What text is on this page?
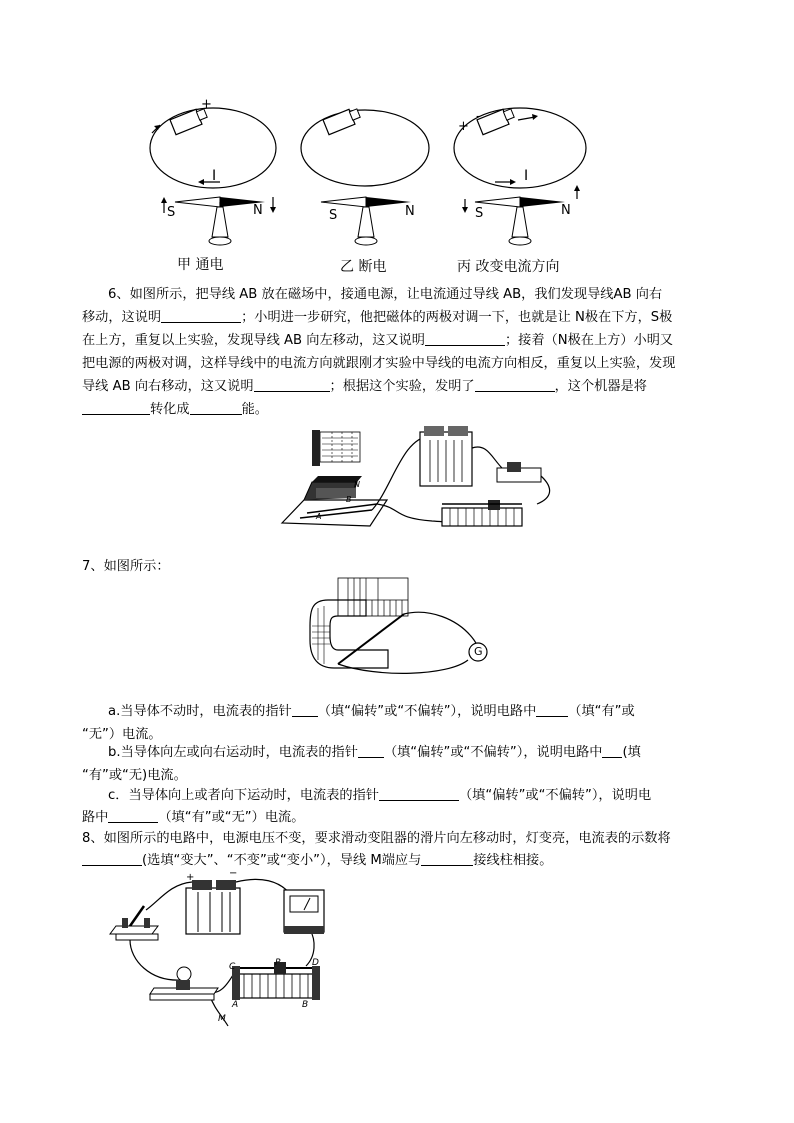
+
+
-
I	I
S	N	S	N	S	N
甲 通电	乙 断电	丙 改变电流方向
6、如图所示，把导线 AB 放在磁场中，接通电源，让电流通过导线 AB，我们发现导线AB 向右
移动，这说明	；小明进一步研究，他把磁体的两极对调一下，也就是让 N极在下方，S极
在上方，重复以上实验，发现导线 AB 向左移动，这又说明	；接着（N极在上方）小明又
把电源的两极对调，这样导线中的电流方向就跟刚才实验中导线的电流方向相反，重复以上实验，发现
导线 AB 向右移动，这又说明	；根据这个实验，发明了	，这个机器是将
转化成	能。
N
B
A
7、如图所示：
G
a.当导体不动时，电流表的指针 （填“偏转”或“不偏转”），说明电路中 （填“有”或
“无”）电流。
b.当导体向左或向右运动时，电流表的指针 （填“偏转”或“不偏转”），说明电路中 (填
“有”或“无)电流。
c．当导体向上或者向下运动时，电流表的指针	（填“偏转”或“不偏转”），说明电
路中	（填“有”或“无”）电流。
8、如图所示的电路中，电源电压不变，要求滑动变阻器的滑片向左移动时，灯变亮，电流表的示数将
(选填“变大”、“不变”或“变小”），导线 M端应与	接线柱相接。
+	−
C	P	D
A	B
M
